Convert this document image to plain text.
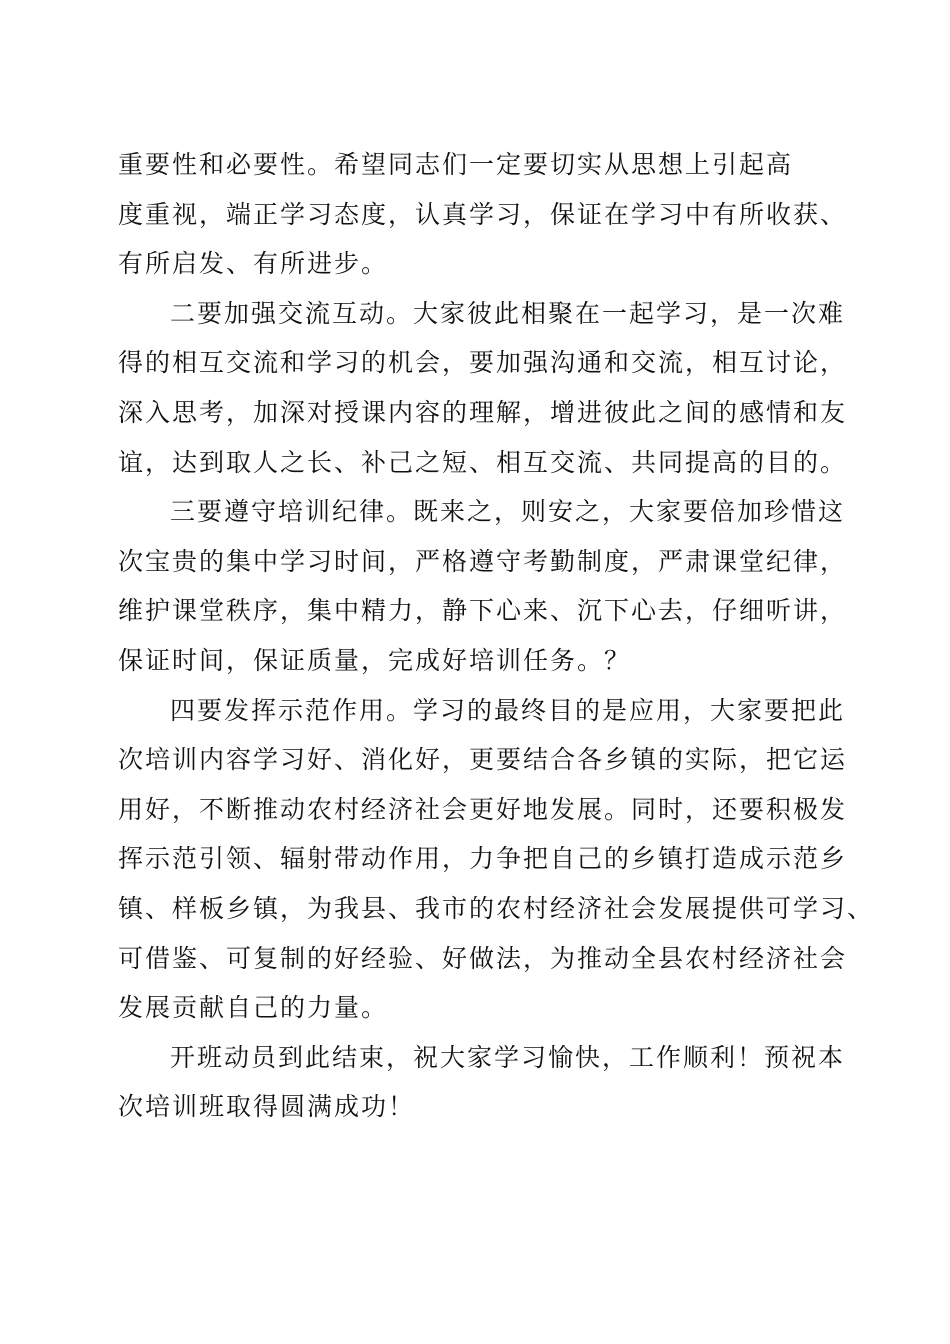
重要性和必要性。希望同志们一定要切实从思想上引起高
度重视，端正学习态度，认真学习，保证在学习中有所收获、
有所启发、有所进步。

二要加强交流互动。大家彼此相聚在一起学习，是一次难
得的相互交流和学习的机会，要加强沟通和交流，相互讨论，
深入思考，加深对授课内容的理解，增进彼此之间的感情和友
谊，达到取人之长、补己之短、相互交流、共同提高的目的。

三要遵守培训纪律。既来之，则安之，大家要倍加珍惜这
次宝贵的集中学习时间，严格遵守考勤制度，严肃课堂纪律，
维护课堂秩序，集中精力，静下心来、沉下心去，仔细听讲，
保证时间，保证质量，完成好培训任务。？

四要发挥示范作用。学习的最终目的是应用，大家要把此
次培训内容学习好、消化好，更要结合各乡镇的实际，把它运
用好，不断推动农村经济社会更好地发展。同时，还要积极发
挥示范引领、辐射带动作用，力争把自己的乡镇打造成示范乡
镇、样板乡镇，为我县、我市的农村经济社会发展提供可学习、
可借鉴、可复制的好经验、好做法，为推动全县农村经济社会
发展贡献自己的力量。

开班动员到此结束，祝大家学习愉快，工作顺利！预祝本
次培训班取得圆满成功！
